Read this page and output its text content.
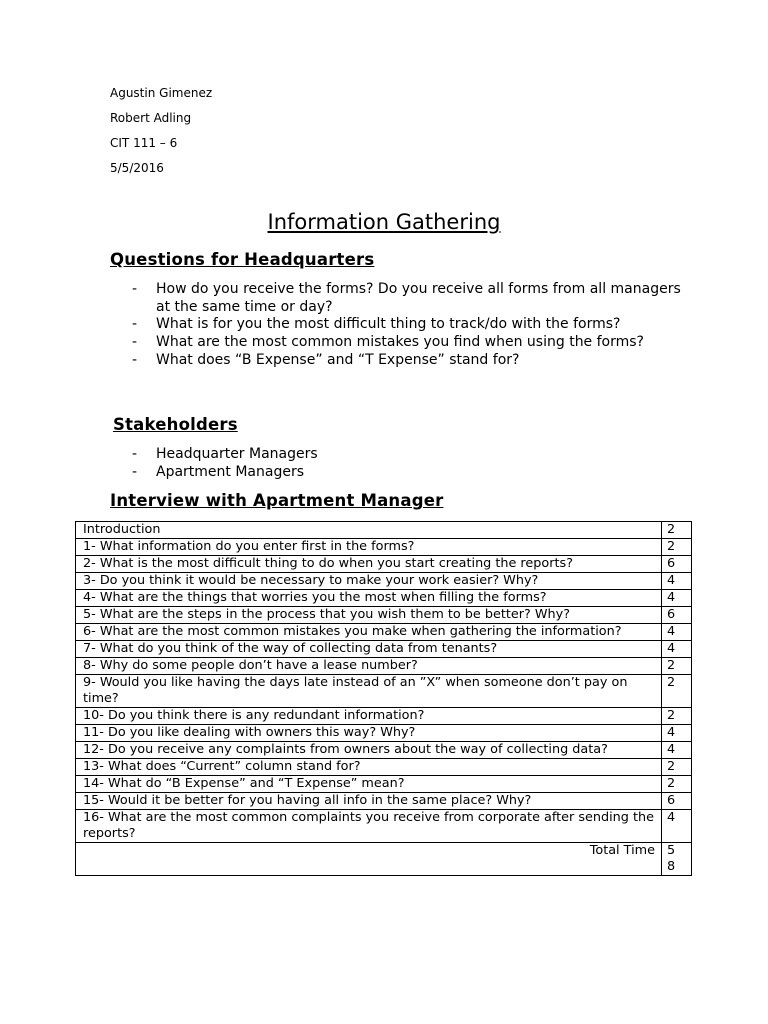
Agustin Gimenez
Robert Adling
CIT 111 – 6
5/5/2016
Information Gathering
Questions for Headquarters
- How do you receive the forms? Do you receive all forms from all managers at the same time or day?
- What is for you the most difficult thing to track/do with the forms?
- What are the most common mistakes you find when using the forms?
- What does “B Expense” and “T Expense” stand for?
Stakeholders
- Headquarter Managers
- Apartment Managers
Interview with Apartment Manager
Introduction	2
1- What information do you enter first in the forms?	2
2- What is the most difficult thing to do when you start creating the reports?	6
3- Do you think it would be necessary to make your work easier? Why?	4
4- What are the things that worries you the most when filling the forms?	4
5- What are the steps in the process that you wish them to be better? Why?	6
6- What are the most common mistakes you make when gathering the information?	4
7- What do you think of the way of collecting data from tenants?	4
8- Why do some people don’t have a lease number?	2
9- Would you like having the days late instead of an ”X” when someone don’t pay on time?	2
10- Do you think there is any redundant information?	2
11- Do you like dealing with owners this way? Why?	4
12- Do you receive any complaints from owners about the way of collecting data?	4
13- What does “Current” column stand for?	2
14- What do “B Expense” and “T Expense” mean?	2
15- Would it be better for you having all info in the same place? Why?	6
16- What are the most common complaints you receive from corporate after sending the reports?	4
Total Time	58
